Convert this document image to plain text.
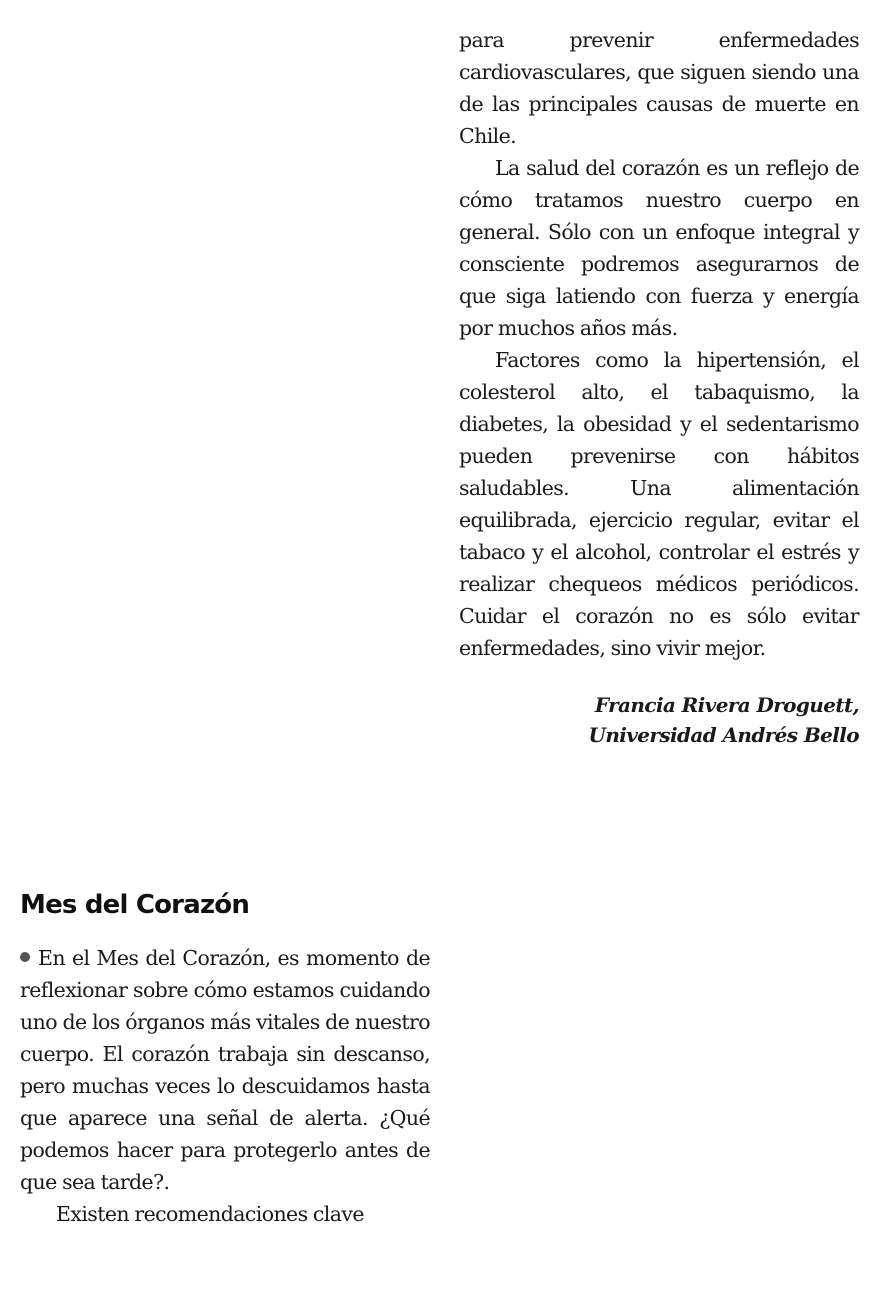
para prevenir enfermedades cardiovasculares, que siguen siendo una de las principales causas de muerte en Chile.

La salud del corazón es un reflejo de cómo tratamos nuestro cuerpo en general. Sólo con un enfoque integral y consciente podremos asegurarnos de que siga latiendo con fuerza y energía por muchos años más.

Factores como la hipertensión, el colesterol alto, el tabaquismo, la diabetes, la obesidad y el sedentarismo pueden prevenirse con hábitos saludables. Una alimentación equilibrada, ejercicio regular, evitar el tabaco y el alcohol, controlar el estrés y realizar chequeos médicos periódicos. Cuidar el corazón no es sólo evitar enfermedades, sino vivir mejor.

Francia Rivera Droguett,
Universidad Andrés Bello
Mes del Corazón

En el Mes del Corazón, es momento de reflexionar sobre cómo estamos cuidando uno de los órganos más vitales de nuestro cuerpo. El corazón trabaja sin descanso, pero muchas veces lo descuidamos hasta que aparece una señal de alerta. ¿Qué podemos hacer para protegerlo antes de que sea tarde?.

Existen recomendaciones clave
